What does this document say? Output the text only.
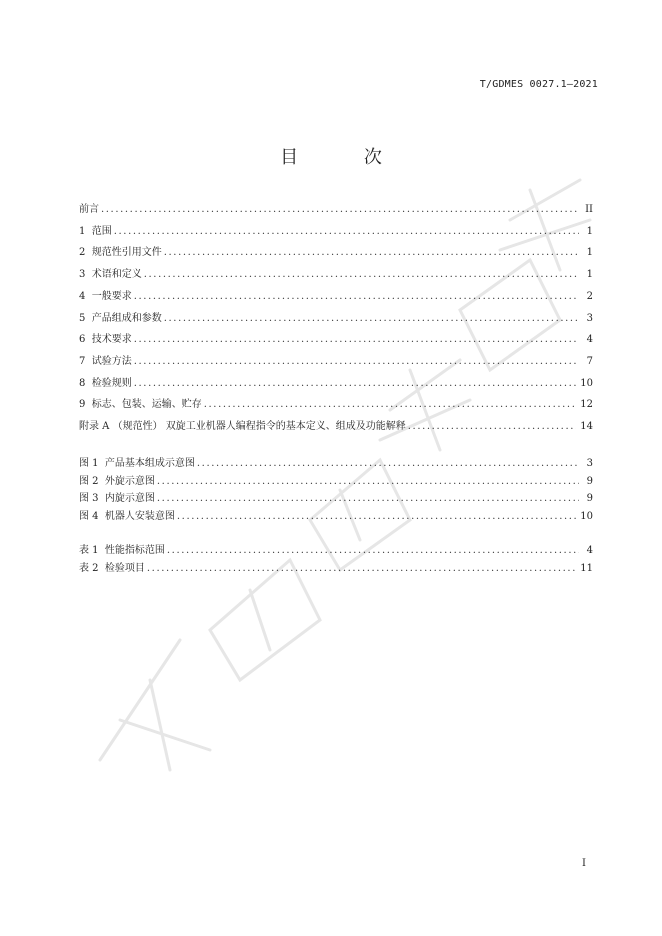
T/GDMES 0027.1—2021
目 次
前言 .....	II
1  范围 .....	1
2  规范性引用文件 .....	1
3  术语和定义 .....	1
4  一般要求 .....	2
5  产品组成和参数 .....	3
6  技术要求 .....	4
7  试验方法 .....	7
8  检验规则 .....	10
9  标志、包装、运输、贮存 .....	12
附录 A （规范性） 双旋工业机器人编程指令的基本定义、组成及功能解释 .....	14
图 1  产品基本组成示意图 .....	3
图 2  外旋示意图 .....	9
图 3  内旋示意图 .....	9
图 4  机器人安装意图 .....	10
表 1  性能指标范围 .....	4
表 2  检验项目 .....	11
I
